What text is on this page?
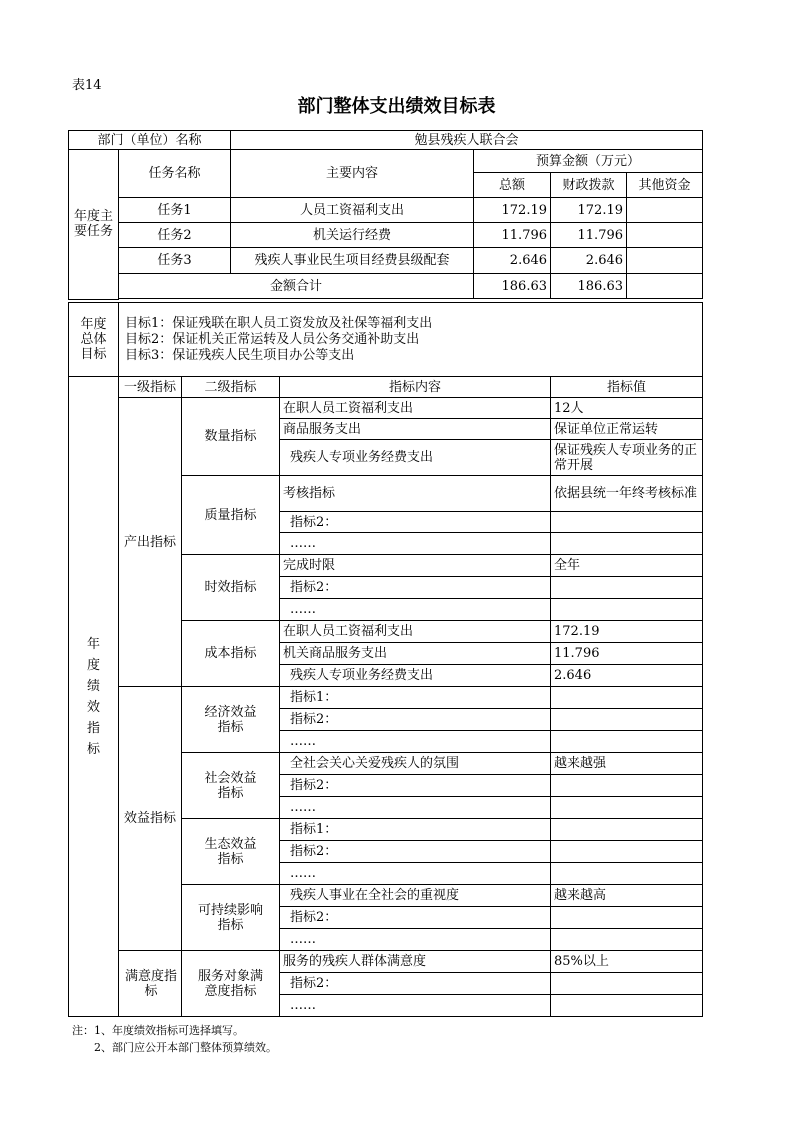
表14
部门整体支出绩效目标表
部门（单位）名称		勉县残疾人联合会			
年度主要任务	任务名称	主要内容	预算金额（万元）		
			总额	财政拨款	其他资金
	任务1	人员工资福利支出	172.19	172.19	
	任务2	机关运行经费	11.796	11.796	
	任务3	残疾人事业民生项目经费县级配套	2.646	2.646	
	金额合计		186.63	186.63	

年度总体目标	
目标1：保证残联在职人员工资发放及社保等福利支出
目标2：保证机关正常运转及人员公务交通补助支出
目标3：保证残疾人民生项目办公等支出
年度绩效指标	一级指标	二级指标	指标内容	指标值
	产出指标	数量指标	在职人员工资福利支出	12人
			商品服务支出	保证单位正常运转
			残疾人专项业务经费支出	保证残疾人专项业务的正常开展
		质量指标	考核指标	依据县统一年终考核标准
			指标2：	
			……	
		时效指标	完成时限	全年
			指标2：	
			……	
		成本指标	在职人员工资福利支出	172.19
			机关商品服务支出	11.796
			残疾人专项业务经费支出	2.646
	效益指标	经济效益指标	指标1：	
			指标2：	
			……	
		社会效益指标	全社会关心关爱残疾人的氛围	越来越强
			指标2：	
			……	
		生态效益指标	指标1：	
			指标2：	
			……	
		可持续影响指标	残疾人事业在全社会的重视度	越来越高
			指标2：	
			……	
	满意度指标	服务对象满意度指标	服务的残疾人群体满意度	85%以上
			指标2：	
			……	
注：1、年度绩效指标可选择填写。
2、部门应公开本部门整体预算绩效。
